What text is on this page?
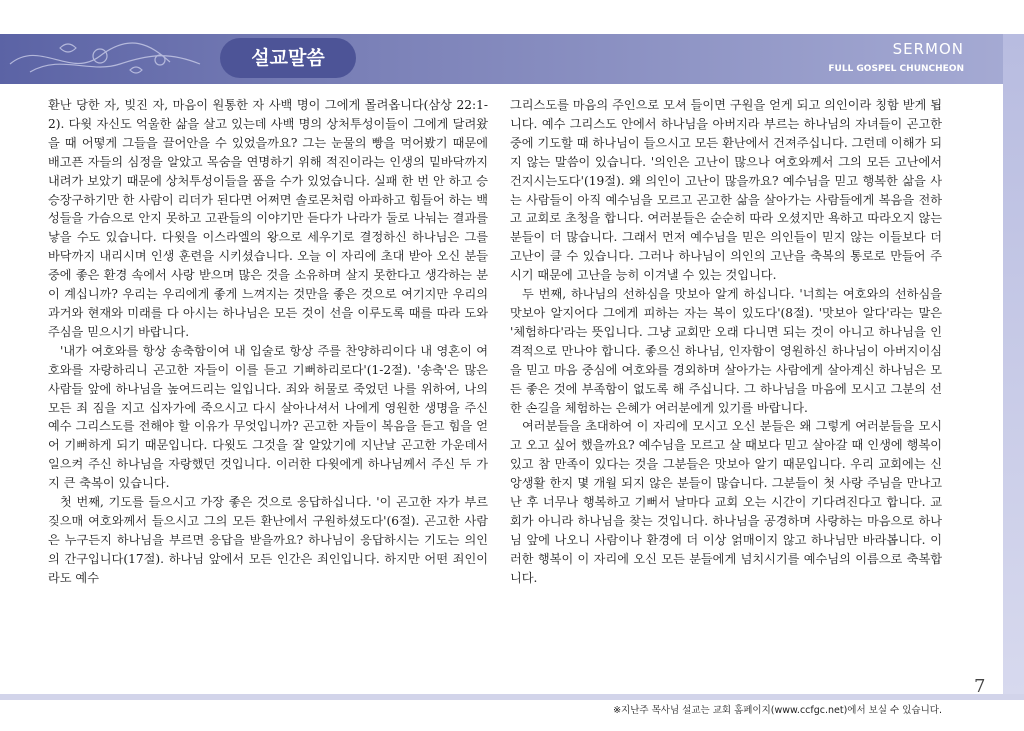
설교말씀	SERMON
FULL GOSPEL CHUNCHEON

환난 당한 자, 빚진 자, 마음이 원통한 자 사백 명이 그에게 몰려옵니다(삼상 22:1-2). 다윗 자신도 억울한 삶을 살고 있는데 사백 명의 상처투성이들이 그에게 달려왔을 때 어떻게 그들을 끌어안을 수 있었을까요? 그는 눈물의 빵을 먹어봤기 때문에 배고픈 자들의 심정을 알았고 목숨을 연명하기 위해 적진이라는 인생의 밑바닥까지 내려가 보았기 때문에 상처투성이들을 품을 수가 있었습니다. 실패 한 번 안 하고 승승장구하기만 한 사람이 리더가 된다면 어쩌면 솔로몬처럼 아파하고 힘들어 하는 백성들을 가슴으로 안지 못하고 고관들의 이야기만 듣다가 나라가 둘로 나눠는 결과를 낳을 수도 있습니다. 다윗을 이스라엘의 왕으로 세우기로 결정하신 하나님은 그를 바닥까지 내리시며 인생 훈련을 시키셨습니다. 오늘 이 자리에 초대 받아 오신 분들 중에 좋은 환경 속에서 사랑 받으며 많은 것을 소유하며 살지 못한다고 생각하는 분이 계십니까? 우리는 우리에게 좋게 느껴지는 것만을 좋은 것으로 여기지만 우리의 과거와 현재와 미래를 다 아시는 하나님은 모든 것이 선을 이루도록 때를 따라 도와주심을 믿으시기 바랍니다.

'내가 여호와를 항상 송축함이여 내 입술로 항상 주를 찬양하리이다 내 영혼이 여호와를 자랑하리니 곤고한 자들이 이를 듣고 기뻐하리로다'(1-2절). '송축'은 많은 사람들 앞에 하나님을 높여드리는 일입니다. 죄와 허물로 죽었던 나를 위하여, 나의 모든 죄 짐을 지고 십자가에 죽으시고 다시 살아나셔서 나에게 영원한 생명을 주신 예수 그리스도를 전해야 할 이유가 무엇입니까? 곤고한 자들이 복음을 듣고 힘을 얻어 기뻐하게 되기 때문입니다. 다윗도 그것을 잘 알았기에 지난날 곤고한 가운데서 일으켜 주신 하나님을 자랑했던 것입니다. 이러한 다윗에게 하나님께서 주신 두 가지 큰 축복이 있습니다.

첫 번째, 기도를 들으시고 가장 좋은 것으로 응답하십니다. '이 곤고한 자가 부르짖으매 여호와께서 들으시고 그의 모든 환난에서 구원하셨도다'(6절). 곤고한 사람은 누구든지 하나님을 부르면 응답을 받을까요? 하나님이 응답하시는 기도는 의인의 간구입니다(17절). 하나님 앞에서 모든 인간은 죄인입니다. 하지만 어떤 죄인이라도 예수

그리스도를 마음의 주인으로 모셔 들이면 구원을 얻게 되고 의인이라 칭함 받게 됩니다. 예수 그리스도 안에서 하나님을 아버지라 부르는 하나님의 자녀들이 곤고한 중에 기도할 때 하나님이 들으시고 모든 환난에서 건져주십니다. 그런데 이해가 되지 않는 말씀이 있습니다. '의인은 고난이 많으나 여호와께서 그의 모든 고난에서 건지시는도다'(19절). 왜 의인이 고난이 많을까요? 예수님을 믿고 행복한 삶을 사는 사람들이 아직 예수님을 모르고 곤고한 삶을 살아가는 사람들에게 복음을 전하고 교회로 초청을 합니다. 여러분들은 순순히 따라 오셨지만 욕하고 따라오지 않는 분들이 더 많습니다. 그래서 먼저 예수님을 믿은 의인들이 믿지 않는 이들보다 더 고난이 클 수 있습니다. 그러나 하나님이 의인의 고난을 축복의 통로로 만들어 주시기 때문에 고난을 능히 이겨낼 수 있는 것입니다.

두 번째, 하나님의 선하심을 맛보아 알게 하십니다. '너희는 여호와의 선하심을 맛보아 알지어다 그에게 피하는 자는 복이 있도다'(8절). '맛보아 알다'라는 말은 '체험하다'라는 뜻입니다. 그냥 교회만 오래 다니면 되는 것이 아니고 하나님을 인격적으로 만나야 합니다. 좋으신 하나님, 인자함이 영원하신 하나님이 아버지이심을 믿고 마음 중심에 여호와를 경외하며 살아가는 사람에게 살아계신 하나님은 모든 좋은 것에 부족함이 없도록 해 주십니다. 그 하나님을 마음에 모시고 그분의 선한 손길을 체험하는 은혜가 여러분에게 있기를 바랍니다.

여러분들을 초대하여 이 자리에 모시고 오신 분들은 왜 그렇게 여러분들을 모시고 오고 싶어 했을까요? 예수님을 모르고 살 때보다 믿고 살아갈 때 인생에 행복이 있고 참 만족이 있다는 것을 그분들은 맛보아 알기 때문입니다. 우리 교회에는 신앙생활 한지 몇 개월 되지 않은 분들이 많습니다. 그분들이 첫 사랑 주님을 만나고 난 후 너무나 행복하고 기뻐서 날마다 교회 오는 시간이 기다려진다고 합니다. 교회가 아니라 하나님을 찾는 것입니다. 하나님을 공경하며 사랑하는 마음으로 하나님 앞에 나오니 사람이나 환경에 더 이상 얽매이지 않고 하나님만 바라봅니다. 이러한 행복이 이 자리에 오신 모든 분들에게 넘치시기를 예수님의 이름으로 축복합니다.

7
※지난주 목사님 설교는 교회 홈페이지(www.ccfgc.net)에서 보실 수 있습니다.
